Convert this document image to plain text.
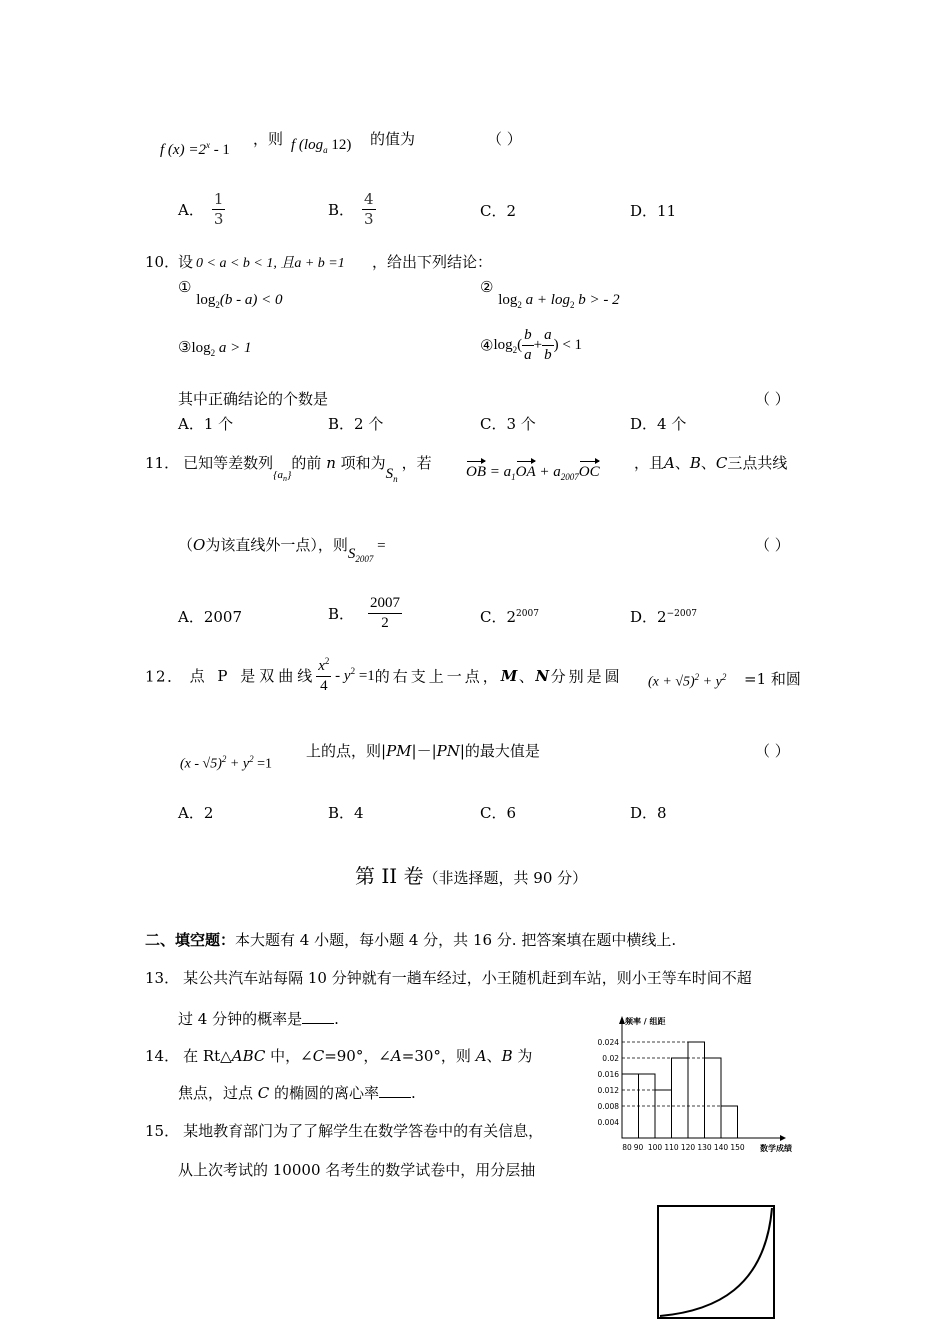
f $(x) =2^x - 1$
，则 f ($\log_a$ 12) 的值为	（ ）
A． $\frac{1}{3}$	B． $\frac{4}{3}$	C．2	D．11
10．
设 0 < a < b < 1, 且a + b =1 ，给出下列结论：
① $\log_2(b - a) < 0$
② $\log_2 a + \log_2 b$ > - 2
$③\log_2$ a > 1	$④\log_2( \frac{b}{a} + \frac{a}{b}$ ) < 1
其中正确结论的个数是	（ ）
A．1 个	B．2 个	C．3 个	D．4 个
11． 已知等差数列$_{\{a_n\}}$的前 n 项和为$S_n$，若 OB = $a_1OA + a_{2007}OC$ ，且A、B、C三点共线
（O为该直线外一点），则$S_{2007}$ =	（ ）
A．2007	B． $\frac{2007}{2}$	C．$2^{2007}$	D．$2^{-2007}$
12． 点 P 是双曲线 $\frac{x^2}{4} - y^2 =1$的右支上一点，M、N分别是圆 $(x + √5)^2 + y^2 =1$ 和圆
$(x - √5)^2 + y^2 =1$
上的点，则|PM|－|PN|的最大值是	（ ）
A．2	B．4	C．6	D．8
第 II 卷（非选择题，共 90 分）
二、填空题：本大题有 4 小题，每小题 4 分，共 16 分. 把答案填在题中横线上.
13． 某公共汽车站每隔 10 分钟就有一趟车经过，小王随机赶到车站，则小王等车时间不超
过 4 分钟的概率是 .
14． 在 Rt△ABC 中，∠C=90°，∠A=30°，则 A、B 为
焦点，过点 C 的椭圆的离心率 .
15． 某地教育部门为了了解学生在数学答卷中的有关信息，
从上次考试的 10000 名考生的数学试卷中，用分层抽
0.024
0.02
0.016
0.012
0.008
0.004
80 90 100 110 120 130 140 150
频率 / 组距
数学成绩
